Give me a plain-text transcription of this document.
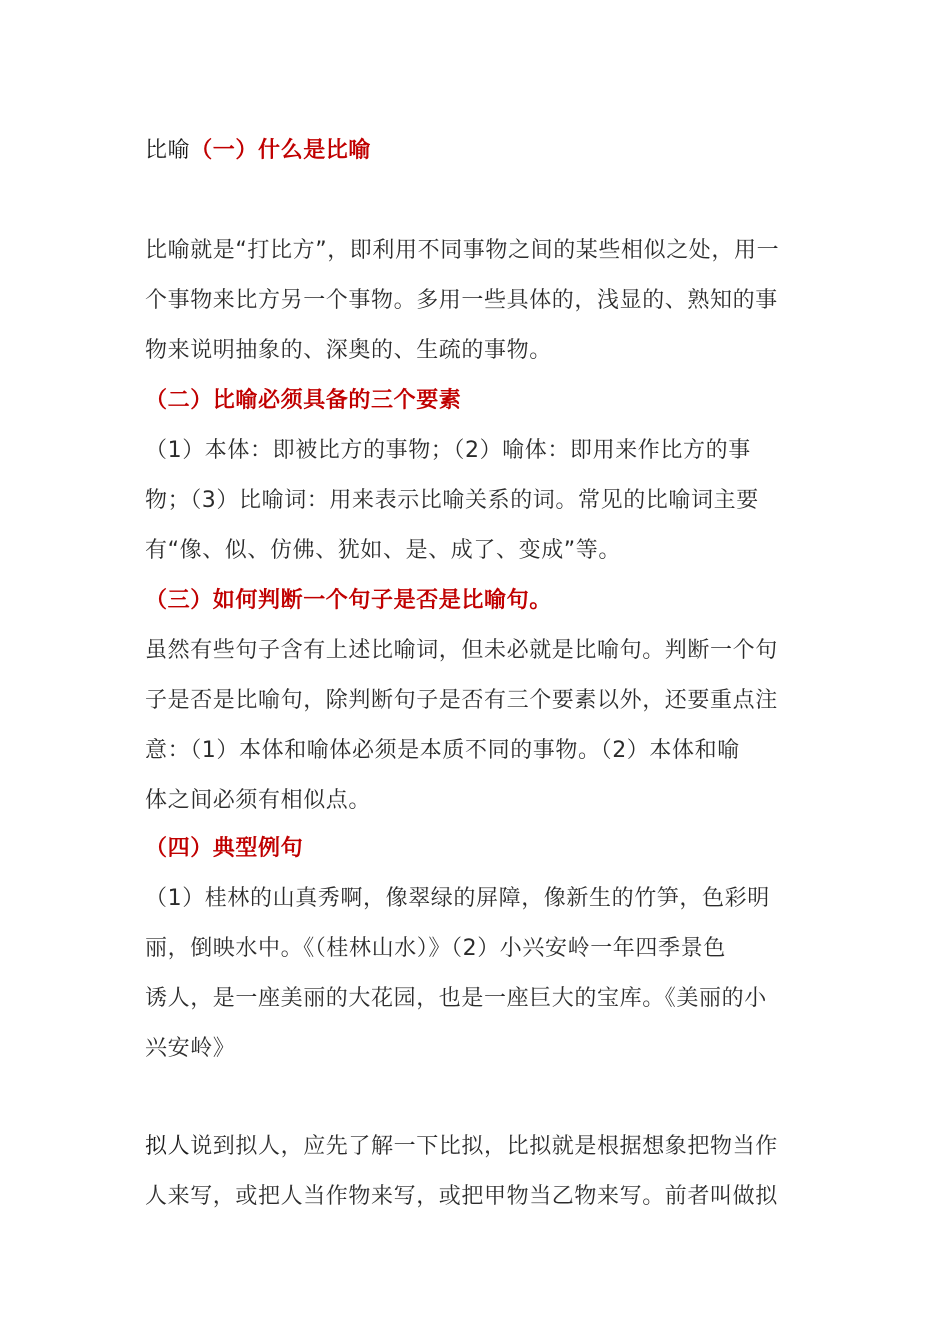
比喻（一）什么是比喻
比喻就是“打比方”，即利用不同事物之间的某些相似之处，用一
个事物来比方另一个事物。多用一些具体的，浅显的、熟知的事
物来说明抽象的、深奥的、生疏的事物。
（二）比喻必须具备的三个要素
（1）本体：即被比方的事物；（2）喻体：即用来作比方的事
物；（3）比喻词：用来表示比喻关系的词。常见的比喻词主要
有“像、似、仿佛、犹如、是、成了、变成”等。
（三）如何判断一个句子是否是比喻句。
虽然有些句子含有上述比喻词，但未必就是比喻句。判断一个句
子是否是比喻句，除判断句子是否有三个要素以外，还要重点注
意：（1）本体和喻体必须是本质不同的事物。（2）本体和喻
体之间必须有相似点。
（四）典型例句
（1）桂林的山真秀啊，像翠绿的屏障，像新生的竹笋，色彩明
丽，倒映水中。《（桂林山水）》（2）小兴安岭一年四季景色
诱人，是一座美丽的大花园，也是一座巨大的宝库。《美丽的小
兴安岭》
拟人说到拟人，应先了解一下比拟，比拟就是根据想象把物当作
人来写，或把人当作物来写，或把甲物当乙物来写。前者叫做拟
